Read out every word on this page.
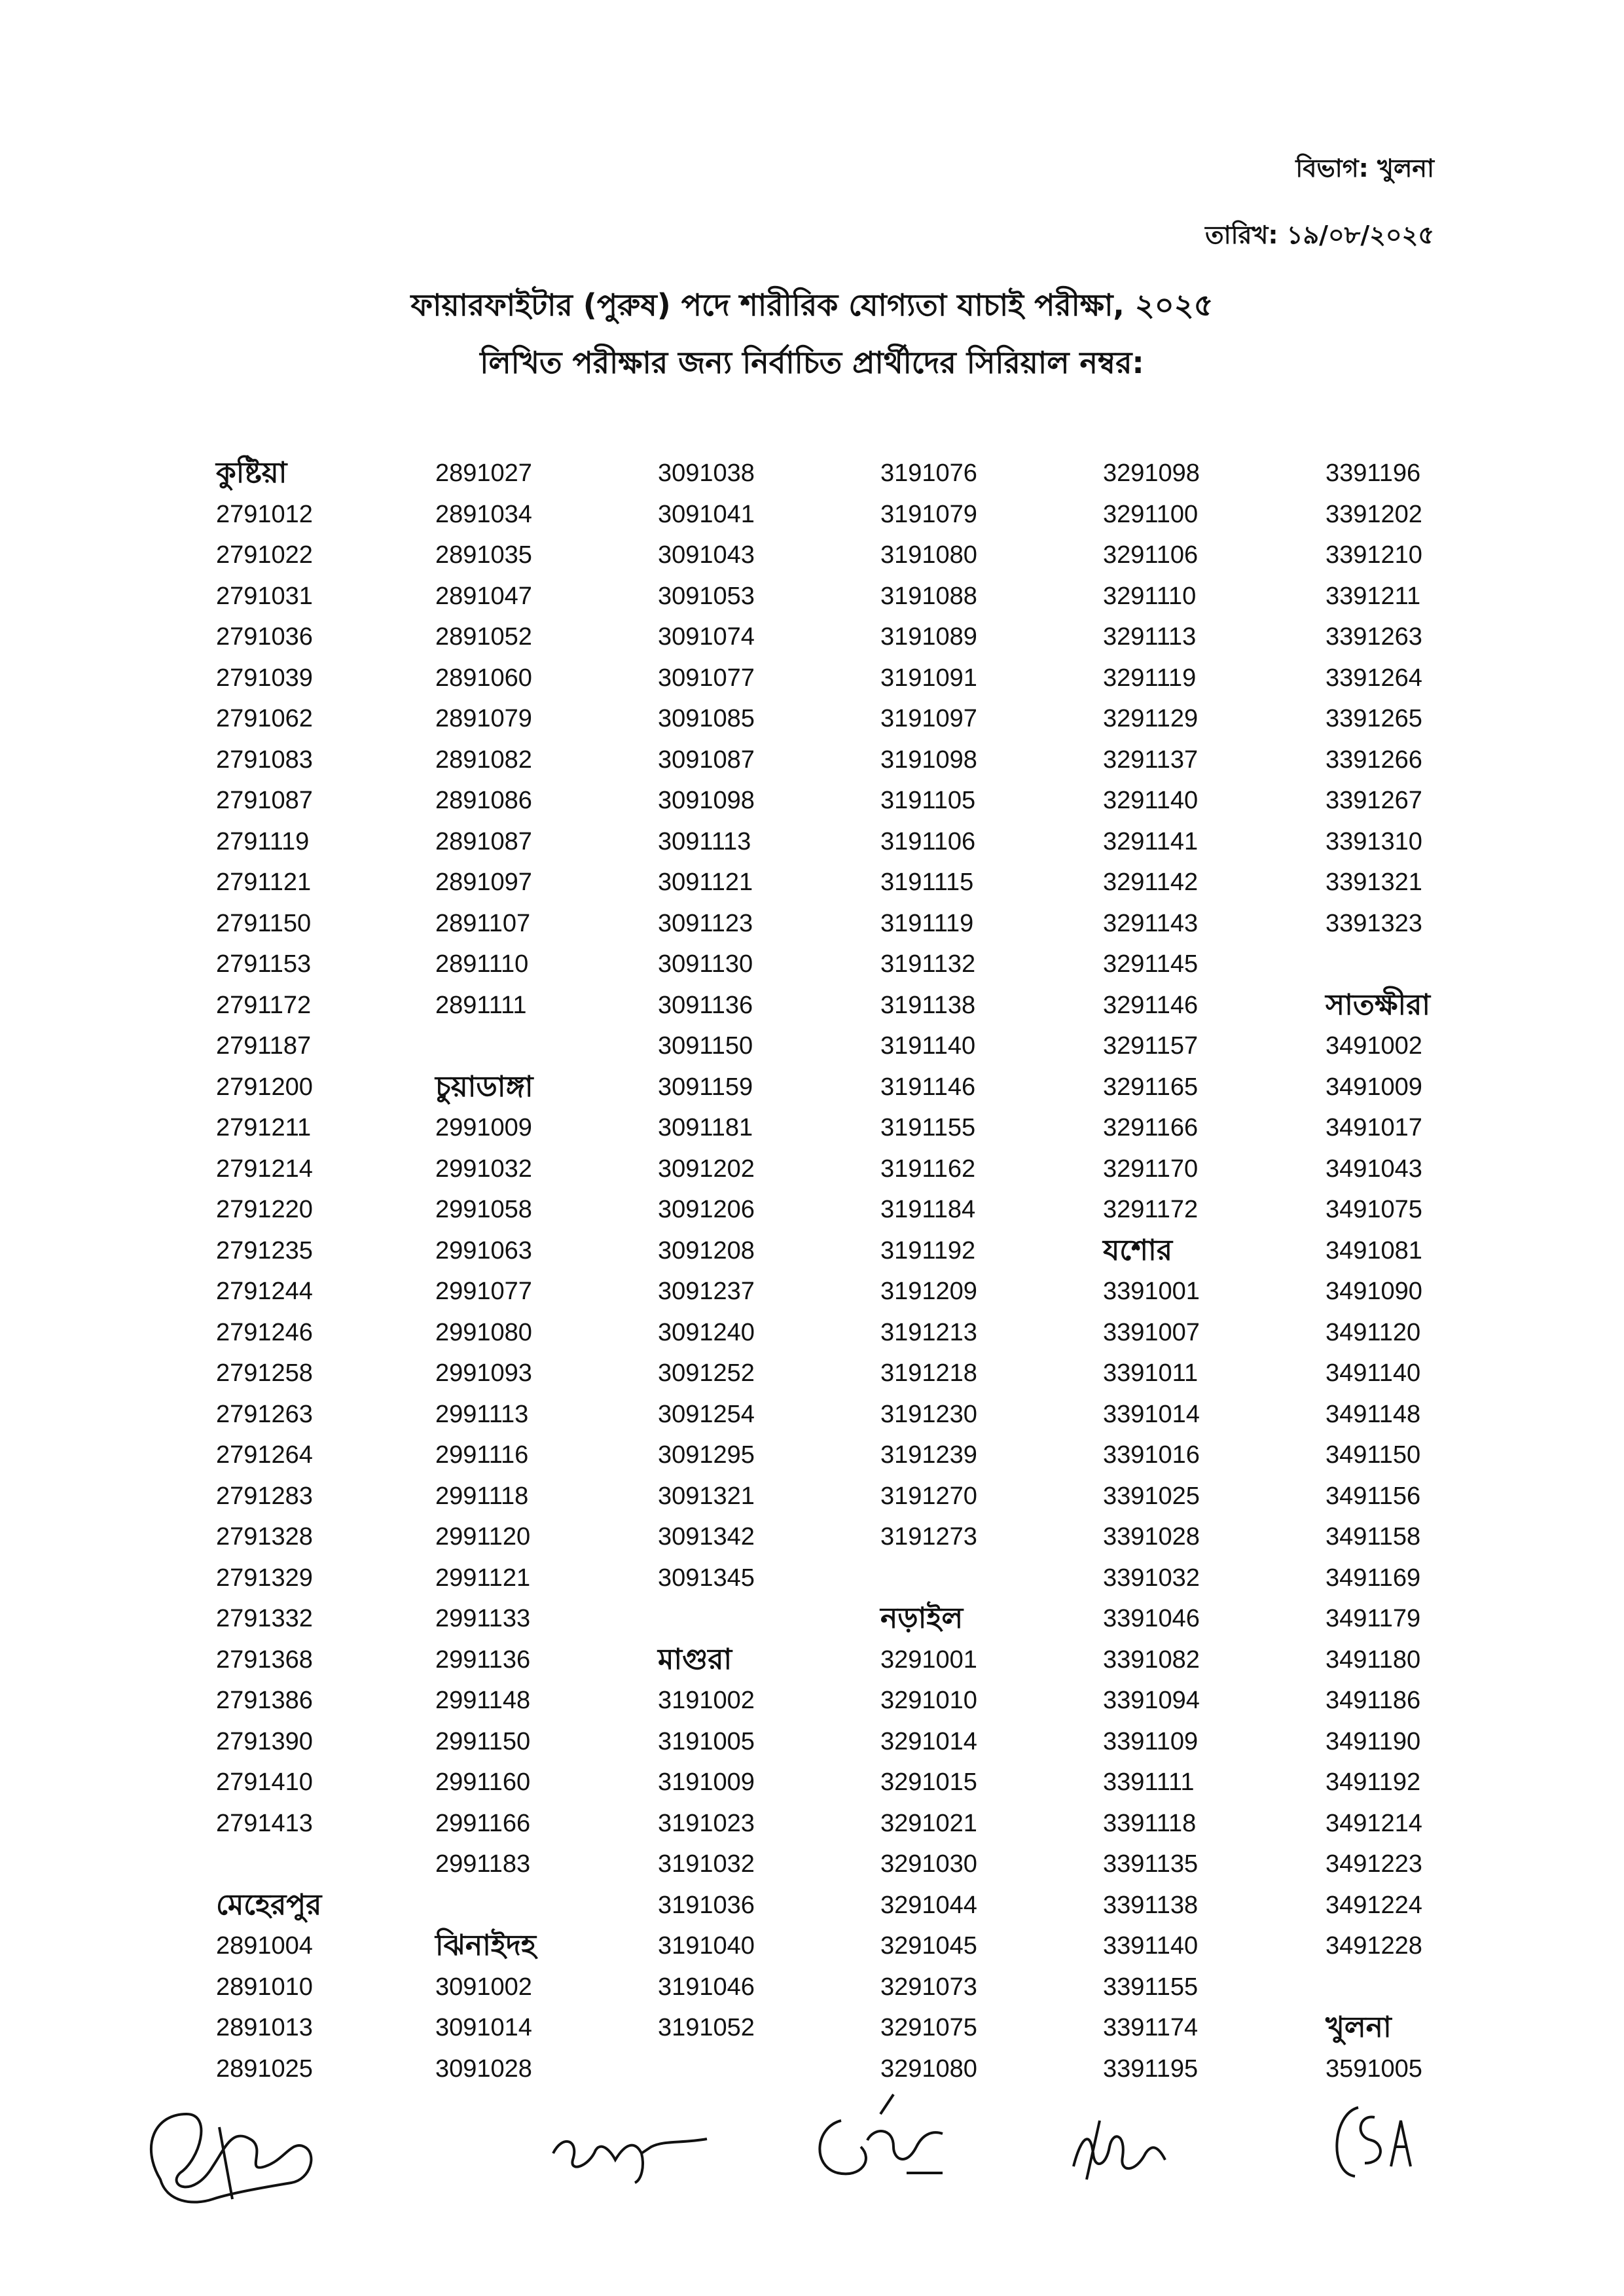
বিভাগ: খুলনা
তারিখ: ১৯/০৮/২০২৫
ফায়ারফাইটার (পুরুষ) পদে শারীরিক যোগ্যতা যাচাই পরীক্ষা, ২০২৫
লিখিত পরীক্ষার জন্য নির্বাচিত প্রার্থীদের সিরিয়াল নম্বর:
কুষ্টিয়া
2791012
2791022
2791031
2791036
2791039
2791062
2791083
2791087
2791119
2791121
2791150
2791153
2791172
2791187
2791200
2791211
2791214
2791220
2791235
2791244
2791246
2791258
2791263
2791264
2791283
2791328
2791329
2791332
2791368
2791386
2791390
2791410
2791413
মেহেরপুর
2891004
2891010
2891013
2891025
2891027
2891034
2891035
2891047
2891052
2891060
2891079
2891082
2891086
2891087
2891097
2891107
2891110
2891111
চুয়াডাঙ্গা
2991009
2991032
2991058
2991063
2991077
2991080
2991093
2991113
2991116
2991118
2991120
2991121
2991133
2991136
2991148
2991150
2991160
2991166
2991183
ঝিনাইদহ
3091002
3091014
3091028
3091038
3091041
3091043
3091053
3091074
3091077
3091085
3091087
3091098
3091113
3091121
3091123
3091130
3091136
3091150
3091159
3091181
3091202
3091206
3091208
3091237
3091240
3091252
3091254
3091295
3091321
3091342
3091345
মাগুরা
3191002
3191005
3191009
3191023
3191032
3191036
3191040
3191046
3191052
3191076
3191079
3191080
3191088
3191089
3191091
3191097
3191098
3191105
3191106
3191115
3191119
3191132
3191138
3191140
3191146
3191155
3191162
3191184
3191192
3191209
3191213
3191218
3191230
3191239
3191270
3191273
নড়াইল
3291001
3291010
3291014
3291015
3291021
3291030
3291044
3291045
3291073
3291075
3291080
3291098
3291100
3291106
3291110
3291113
3291119
3291129
3291137
3291140
3291141
3291142
3291143
3291145
3291146
3291157
3291165
3291166
3291170
3291172
যশোর
3391001
3391007
3391011
3391014
3391016
3391025
3391028
3391032
3391046
3391082
3391094
3391109
3391111
3391118
3391135
3391138
3391140
3391155
3391174
3391195
3391196
3391202
3391210
3391211
3391263
3391264
3391265
3391266
3391267
3391310
3391321
3391323
সাতক্ষীরা
3491002
3491009
3491017
3491043
3491075
3491081
3491090
3491120
3491140
3491148
3491150
3491156
3491158
3491169
3491179
3491180
3491186
3491190
3491192
3491214
3491223
3491224
3491228
খুলনা
3591005
